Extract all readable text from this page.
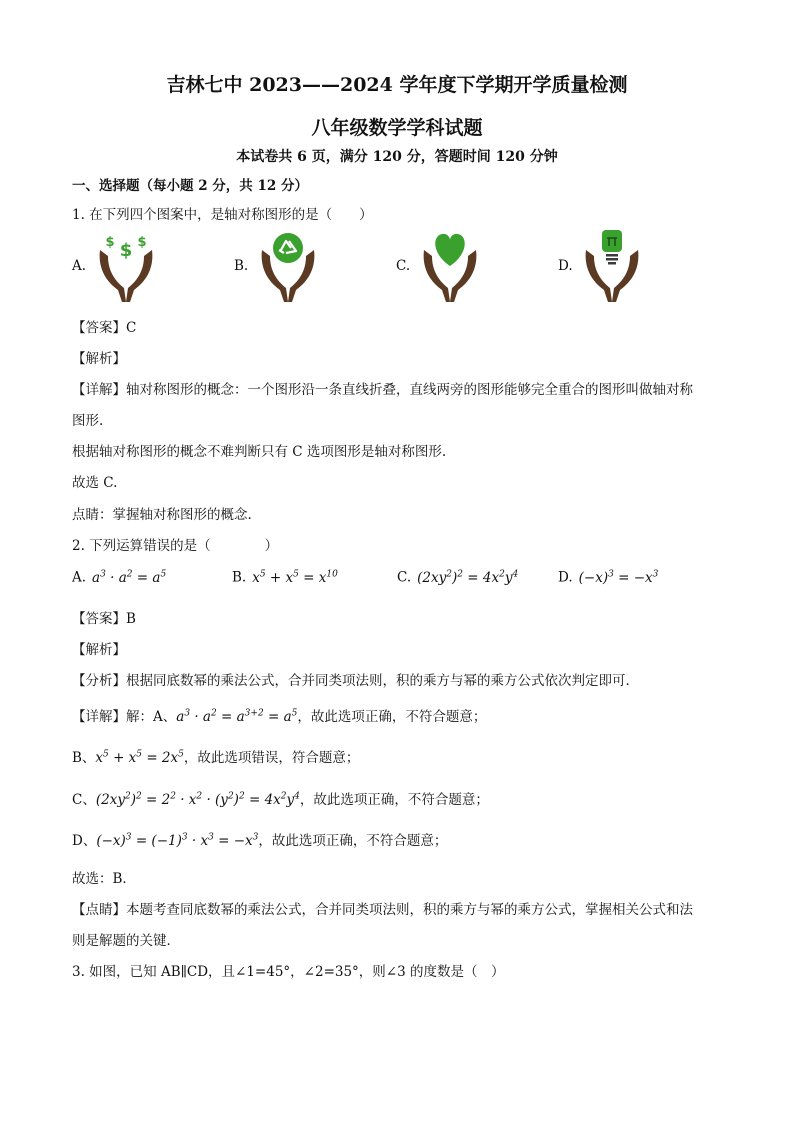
吉林七中 2023——2024 学年度下学期开学质量检测
八年级数学学科试题
本试卷共 6 页，满分 120 分，答题时间 120 分钟
一、选择题（每小题 2 分，共 12 分）
1. 在下列四个图案中，是轴对称图形的是（　　）
A.
$
$ $
B.	C.	D.
【答案】C
【解析】
【详解】轴对称图形的概念：一个图形沿一条直线折叠，直线两旁的图形能够完全重合的图形叫做轴对称
图形.
根据轴对称图形的概念不难判断只有 C 选项图形是轴对称图形.
故选 C.
点睛：掌握轴对称图形的概念.
2. 下列运算错误的是（　　　　）
A. $a^3 \cdot a^2 = a^5$	B. $x^5 + x^5 = x^{10}$	C. $(2xy^2)^2 = 4x^2y^4$	D. $(-x)^3 = -x^3$
【答案】B
【解析】
【分析】根据同底数幂的乘法公式，合并同类项法则，积的乘方与幂的乘方公式依次判定即可．
【详解】解：A、$a^3 \cdot a^2 = a^{3+2} = a^5$，故此选项正确，不符合题意；
B、$x^5 + x^5 = 2x^5$，故此选项错误，符合题意；
C、$(2xy^2)^2 = 2^2 \cdot x^2 \cdot (y^2)^2 = 4x^2y^4$，故此选项正确，不符合题意；
D、$(-x)^3 = (-1)^3 \cdot x^3 = -x^3$，故此选项正确，不符合题意；
故选：B．
【点睛】本题考查同底数幂的乘法公式，合并同类项法则，积的乘方与幂的乘方公式，掌握相关公式和法
则是解题的关键．
3. 如图，已知 AB∥CD，且∠1=45°，∠2=35°，则∠3 的度数是（　）
